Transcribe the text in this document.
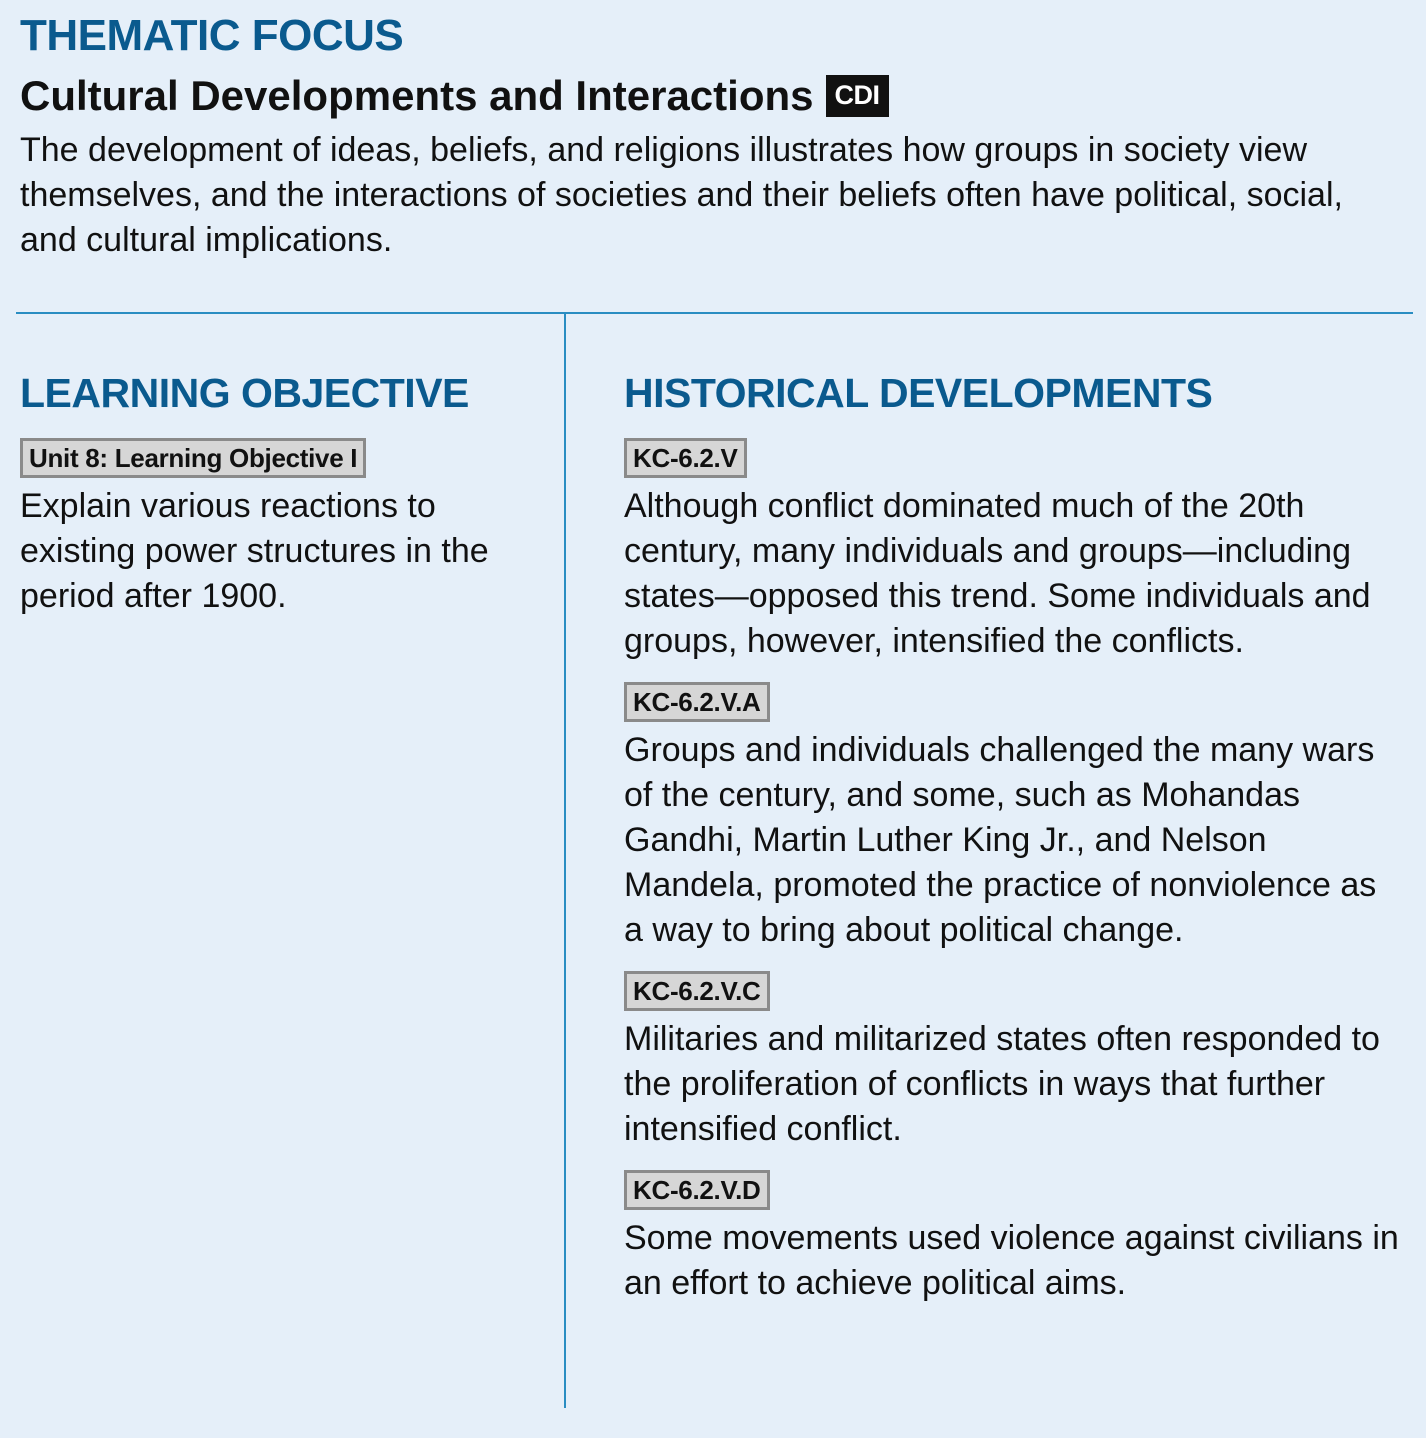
THEMATIC FOCUS
Cultural Developments and Interactions CDI

The development of ideas, beliefs, and religions illustrates how groups in society view themselves, and the interactions of societies and their beliefs often have political, social, and cultural implications.

LEARNING OBJECTIVE
Unit 8: Learning Objective I

Explain various reactions to existing power structures in the period after 1900.

HISTORICAL DEVELOPMENTS
KC-6.2.V

Although conflict dominated much of the 20th century, many individuals and groups—including states—opposed this trend. Some individuals and groups, however, intensified the conflicts.

KC-6.2.V.A

Groups and individuals challenged the many wars of the century, and some, such as Mohandas Gandhi, Martin Luther King Jr., and Nelson Mandela, promoted the practice of nonviolence as a way to bring about political change.

KC-6.2.V.C

Militaries and militarized states often responded to the proliferation of conflicts in ways that further intensified conflict.

KC-6.2.V.D

Some movements used violence against civilians in an effort to achieve political aims.
